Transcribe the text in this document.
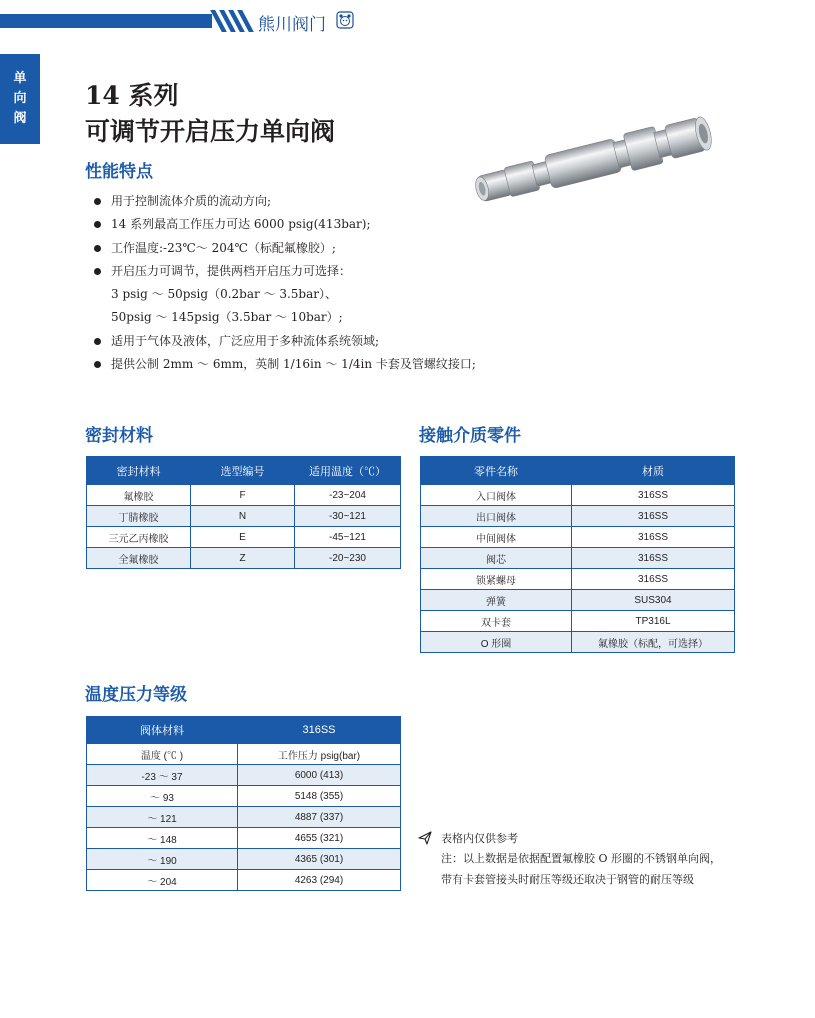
熊川阀门
单
向
阀
14 系列
可调节开启压力单向阀
性能特点
用于控制流体介质的流动方向;
14 系列最高工作压力可达 6000 psig(413bar);
工作温度:-23℃～ 204℃（标配氟橡胶）;
开启压力可调节，提供两档开启压力可选择：
3 psig ～ 50psig（0.2bar ～ 3.5bar）、
50psig ～ 145psig（3.5bar ～ 10bar）;
适用于气体及液体，广泛应用于多种流体系统领域;
提供公制 2mm ～ 6mm，英制 1/16in ～ 1/4in 卡套及管螺纹接口;
密封材料
密封材料	选型编号	适用温度（℃）
氟橡胶	F	-23~204
丁腈橡胶	N	-30~121
三元乙丙橡胶	E	-45~121
全氟橡胶	Z	-20~230
接触介质零件
零件名称	材质
入口阀体	316SS
出口阀体	316SS
中间阀体	316SS
阀芯	316SS
锁紧螺母	316SS
弹簧	SUS304
双卡套	TP316L
O 形圈	氟橡胶（标配，可选择）
温度压力等级
阀体材料	316SS
温度 (℃ )	工作压力 psig(bar)
-23 ～ 37	6000 (413)
～ 93	5148 (355)
～ 121	4887 (337)
～ 148	4655 (321)
～ 190	4365 (301)
～ 204	4263 (294)
表格内仅供参考
注：以上数据是依据配置氟橡胶 O 形圈的不锈钢单向阀，
带有卡套管接头时耐压等级还取决于钢管的耐压等级
